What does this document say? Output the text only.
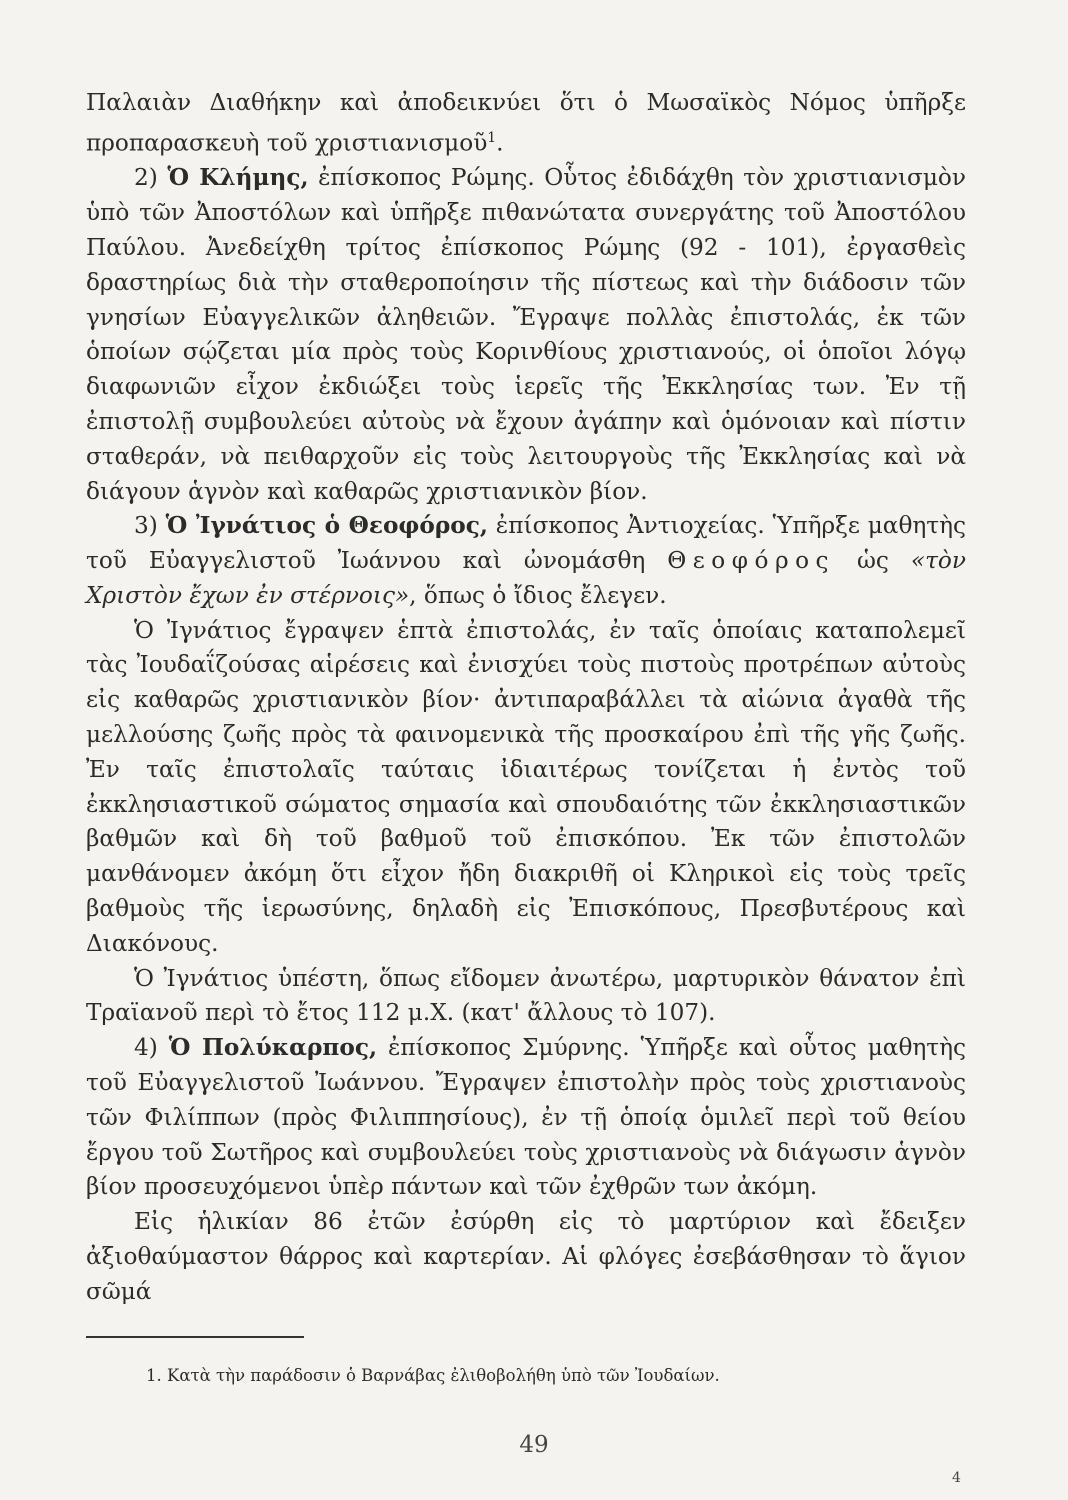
Παλαιὰν Διαθήκην καὶ ἀποδεικνύει ὅτι ὁ Μωσαϊκὸς Νόμος ὑπῆρξε προπαρασκευὴ τοῦ χριστιανισμοῦ$^1$.

2) Ὁ Κλήμης, ἐπίσκοπος Ρώμης. Οὗτος ἐδιδάχθη τὸν χριστιανισμὸν ὑπὸ τῶν Ἀποστόλων καὶ ὑπῆρξε πιθανώτατα συνεργάτης τοῦ Ἀποστόλου Παύλου. Ἀνεδείχθη τρίτος ἐπίσκοπος Ρώμης (92 - 101), ἐργασθεὶς δραστηρίως διὰ τὴν σταθεροποίησιν τῆς πίστεως καὶ τὴν διάδοσιν τῶν γνησίων Εὐαγγελικῶν ἀληθειῶν. Ἔγραψε πολλὰς ἐπιστολάς, ἐκ τῶν ὁποίων σῴζεται μία πρὸς τοὺς Κορινθίους χριστιανούς, οἱ ὁποῖοι λόγῳ διαφωνιῶν εἶχον ἐκδιώξει τοὺς ἱερεῖς τῆς Ἐκκλησίας των. Ἐν τῇ ἐπιστολῇ συμβουλεύει αὐτοὺς νὰ ἔχουν ἀγάπην καὶ ὁμόνοιαν καὶ πίστιν σταθεράν, νὰ πειθαρχοῦν εἰς τοὺς λειτουργοὺς τῆς Ἐκκλησίας καὶ νὰ διάγουν ἁγνὸν καὶ καθαρῶς χριστιανικὸν βίον.

3) Ὁ Ἰγνάτιος ὁ Θεοφόρος, ἐπίσκοπος Ἀντιοχείας. Ὑπῆρξε μαθητὴς τοῦ Εὐαγγελιστοῦ Ἰωάννου καὶ ὠνομάσθη Θεοφόρος ὡς «τὸν Χριστὸν ἔχων ἐν στέρνοις», ὅπως ὁ ἴδιος ἔλεγεν.

Ὁ Ἰγνάτιος ἔγραψεν ἑπτὰ ἐπιστολάς, ἐν ταῖς ὁποίαις καταπολεμεῖ τὰς Ἰουδαΐζούσας αἱρέσεις καὶ ἐνισχύει τοὺς πιστοὺς προτρέπων αὐτοὺς εἰς καθαρῶς χριστιανικὸν βίον· ἀντιπαραβάλλει τὰ αἰώνια ἀγαθὰ τῆς μελλούσης ζωῆς πρὸς τὰ φαινομενικὰ τῆς προσκαίρου ἐπὶ τῆς γῆς ζωῆς. Ἐν ταῖς ἐπιστολαῖς ταύταις ἰδιαιτέρως τονίζεται ἡ ἐντὸς τοῦ ἐκκλησιαστικοῦ σώματος σημασία καὶ σπουδαιότης τῶν ἐκκλησιαστικῶν βαθμῶν καὶ δὴ τοῦ βαθμοῦ τοῦ ἐπισκόπου. Ἐκ τῶν ἐπιστολῶν μανθάνομεν ἀκόμη ὅτι εἶχον ἤδη διακριθῆ οἱ Κληρικοὶ εἰς τοὺς τρεῖς βαθμοὺς τῆς ἱερωσύνης, δηλαδὴ εἰς Ἐπισκόπους, Πρεσβυτέρους καὶ Διακόνους.

Ὁ Ἰγνάτιος ὑπέστη, ὅπως εἴδομεν ἀνωτέρω, μαρτυρικὸν θάνατον ἐπὶ Τραϊανοῦ περὶ τὸ ἔτος 112 μ.Χ. (κατ' ἄλλους τὸ 107).

4) Ὁ Πολύκαρπος, ἐπίσκοπος Σμύρνης. Ὑπῆρξε καὶ οὗτος μαθητὴς τοῦ Εὐαγγελιστοῦ Ἰωάννου. Ἔγραψεν ἐπιστολὴν πρὸς τοὺς χριστιανοὺς τῶν Φιλίππων (πρὸς Φιλιππησίους), ἐν τῇ ὁποίᾳ ὁμιλεῖ περὶ τοῦ θείου ἔργου τοῦ Σωτῆρος καὶ συμβουλεύει τοὺς χριστιανοὺς νὰ διάγωσιν ἁγνὸν βίον προσευχόμενοι ὑπὲρ πάντων καὶ τῶν ἐχθρῶν των ἀκόμη.

Εἰς ἡλικίαν 86 ἐτῶν ἐσύρθη εἰς τὸ μαρτύριον καὶ ἔδειξεν ἀξιοθαύμαστον θάρρος καὶ καρτερίαν. Αἱ φλόγες ἐσεβάσθησαν τὸ ἅγιον σῶμά

1. Κατὰ τὴν παράδοσιν ὁ Βαρνάβας ἐλιθοβολήθη ὑπὸ τῶν Ἰουδαίων.
49
4
